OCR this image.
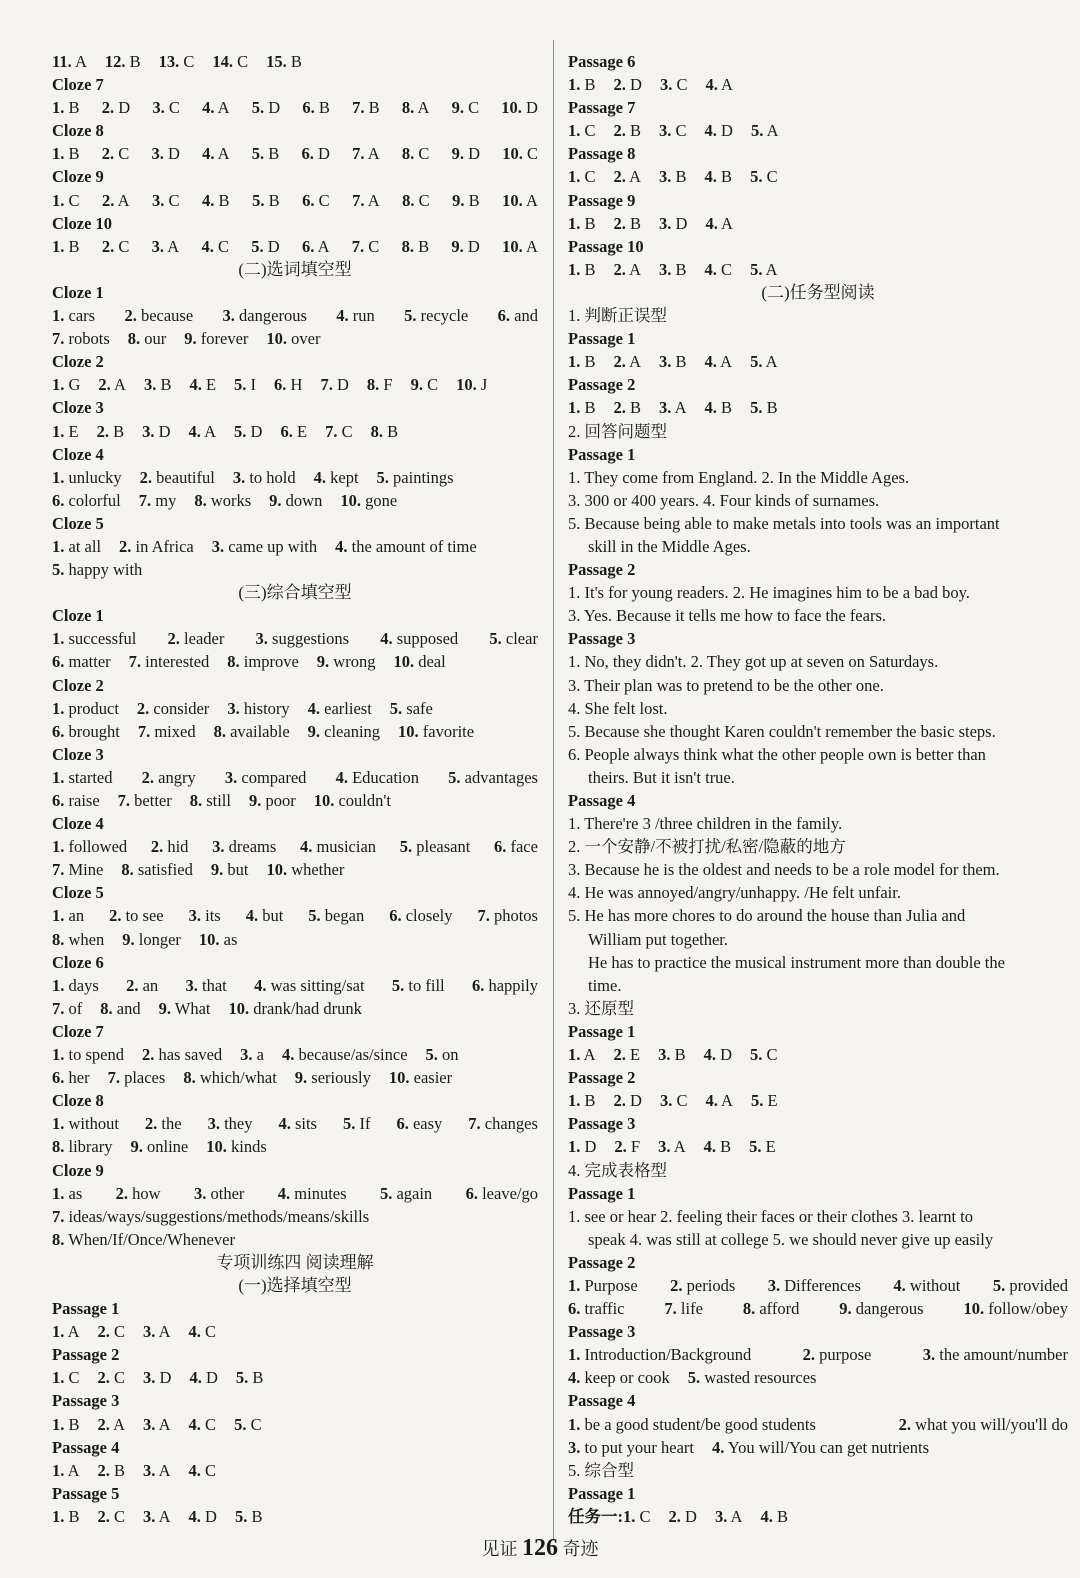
11. A 12. B 13. C 14. C 15. B
Cloze 7
1. B 2. D 3. C 4. A 5. D 6. B 7. B 8. A 9. C 10. D
Cloze 8
1. B 2. C 3. D 4. A 5. B 6. D 7. A 8. C 9. D 10. C
Cloze 9
1. C 2. A 3. C 4. B 5. B 6. C 7. A 8. C 9. B 10. A
Cloze 10
1. B 2. C 3. A 4. C 5. D 6. A 7. C 8. B 9. D 10. A
(二)选词填空型
Cloze 1
1. cars 2. because 3. dangerous 4. run 5. recycle 6. and
7. robots 8. our 9. forever 10. over
Cloze 2
1. G 2. A 3. B 4. E 5. I 6. H 7. D 8. F 9. C 10. J
Cloze 3
1. E 2. B 3. D 4. A 5. D 6. E 7. C 8. B
Cloze 4
1. unlucky 2. beautiful 3. to hold 4. kept 5. paintings
6. colorful 7. my 8. works 9. down 10. gone
Cloze 5
1. at all 2. in Africa 3. came up with 4. the amount of time
5. happy with
(三)综合填空型
Cloze 1
1. successful 2. leader 3. suggestions 4. supposed 5. clear
6. matter 7. interested 8. improve 9. wrong 10. deal
Cloze 2
1. product 2. consider 3. history 4. earliest 5. safe
6. brought 7. mixed 8. available 9. cleaning 10. favorite
Cloze 3
1. started 2. angry 3. compared 4. Education 5. advantages
6. raise 7. better 8. still 9. poor 10. couldn't
Cloze 4
1. followed 2. hid 3. dreams 4. musician 5. pleasant 6. face
7. Mine 8. satisfied 9. but 10. whether
Cloze 5
1. an 2. to see 3. its 4. but 5. began 6. closely 7. photos
8. when 9. longer 10. as
Cloze 6
1. days 2. an 3. that 4. was sitting/sat 5. to fill 6. happily
7. of 8. and 9. What 10. drank/had drunk
Cloze 7
1. to spend 2. has saved 3. a 4. because/as/since 5. on
6. her 7. places 8. which/what 9. seriously 10. easier
Cloze 8
1. without 2. the 3. they 4. sits 5. If 6. easy 7. changes
8. library 9. online 10. kinds
Cloze 9
1. as 2. how 3. other 4. minutes 5. again 6. leave/go
7. ideas/ways/suggestions/methods/means/skills
8. When/If/Once/Whenever
专项训练四 阅读理解
(一)选择填空型
Passage 1
1. A 2. C 3. A 4. C
Passage 2
1. C 2. C 3. D 4. D 5. B
Passage 3
1. B 2. A 3. A 4. C 5. C
Passage 4
1. A 2. B 3. A 4. C
Passage 5
1. B 2. C 3. A 4. D 5. B
Passage 6
1. B 2. D 3. C 4. A
Passage 7
1. C 2. B 3. C 4. D 5. A
Passage 8
1. C 2. A 3. B 4. B 5. C
Passage 9
1. B 2. B 3. D 4. A
Passage 10
1. B 2. A 3. B 4. C 5. A
(二)任务型阅读
1. 判断正误型
Passage 1
1. B 2. A 3. B 4. A 5. A
Passage 2
1. B 2. B 3. A 4. B 5. B
2. 回答问题型
Passage 1
1. They come from England. 2. In the Middle Ages.
3. 300 or 400 years. 4. Four kinds of surnames.
5. Because being able to make metals into tools was an important
skill in the Middle Ages.
Passage 2
1. It's for young readers. 2. He imagines him to be a bad boy.
3. Yes. Because it tells me how to face the fears.
Passage 3
1. No, they didn't. 2. They got up at seven on Saturdays.
3. Their plan was to pretend to be the other one.
4. She felt lost.
5. Because she thought Karen couldn't remember the basic steps.
6. People always think what the other people own is better than
theirs. But it isn't true.
Passage 4
1. There're 3 /three children in the family.
2. 一个安静/不被打扰/私密/隐蔽的地方
3. Because he is the oldest and needs to be a role model for them.
4. He was annoyed/angry/unhappy. /He felt unfair.
5. He has more chores to do around the house than Julia and
William put together.
He has to practice the musical instrument more than double the
time.
3. 还原型
Passage 1
1. A 2. E 3. B 4. D 5. C
Passage 2
1. B 2. D 3. C 4. A 5. E
Passage 3
1. D 2. F 3. A 4. B 5. E
4. 完成表格型
Passage 1
1. see or hear 2. feeling their faces or their clothes 3. learnt to
speak 4. was still at college 5. we should never give up easily
Passage 2
1. Purpose 2. periods 3. Differences 4. without 5. provided
6. traffic 7. life 8. afford 9. dangerous 10. follow/obey
Passage 3
1. Introduction/Background	2. purpose	3. the amount/number
4. keep or cook 5. wasted resources
Passage 4
1. be a good student/be good students	2. what you will/you'll do
3. to put your heart 4. You will/You can get nutrients
5. 综合型
Passage 1
任务一:1. C 2. D 3. A 4. B
见证 126 奇迹
